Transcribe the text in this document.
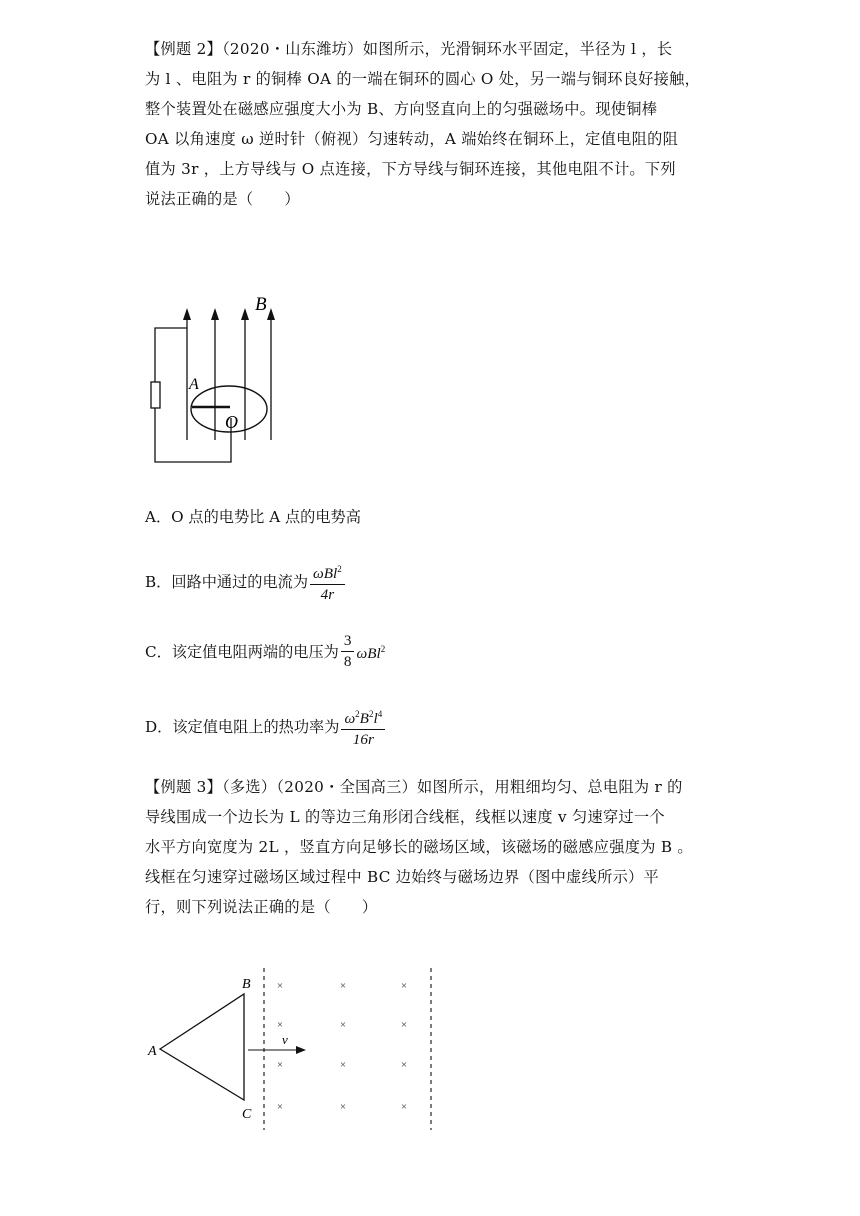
【例题 2】（2020・山东潍坊）如图所示，光滑铜环水平固定，半径为 l ，长
为 l 、电阻为 r 的铜棒 OA 的一端在铜环的圆心 O 处，另一端与铜环良好接触，
整个装置处在磁感应强度大小为 B、方向竖直向上的匀强磁场中。现使铜棒
OA 以角速度 ω 逆时针（俯视）匀速转动，A 端始终在铜环上，定值电阻的阻
值为 3r ，上方导线与 O 点连接，下方导线与铜环连接，其他电阻不计。下列
说法正确的是（　　）
B
A
O
A．O 点的电势比 A 点的电势高
B．回路中通过的电流为 $\frac{\omega Bl^2}{4r}$
C．该定值电阻两端的电压为 $\frac{3}{8} \omega Bl^2$
D．该定值电阻上的热功率为 $\frac{\omega^2B^2l^4}{16r}$
【例题 3】（多选）（2020・全国高三）如图所示，用粗细均匀、总电阻为 r 的
导线围成一个边长为 L 的等边三角形闭合线框，线框以速度 v 匀速穿过一个
水平方向宽度为 2L ，竖直方向足够长的磁场区域，该磁场的磁感应强度为 B 。
线框在匀速穿过磁场区域过程中 BC 边始终与磁场边界（图中虚线所示）平
行，则下列说法正确的是（　　）
×	×	×
×	×	×
×	×	×
×	×	×
A
B
C
v
